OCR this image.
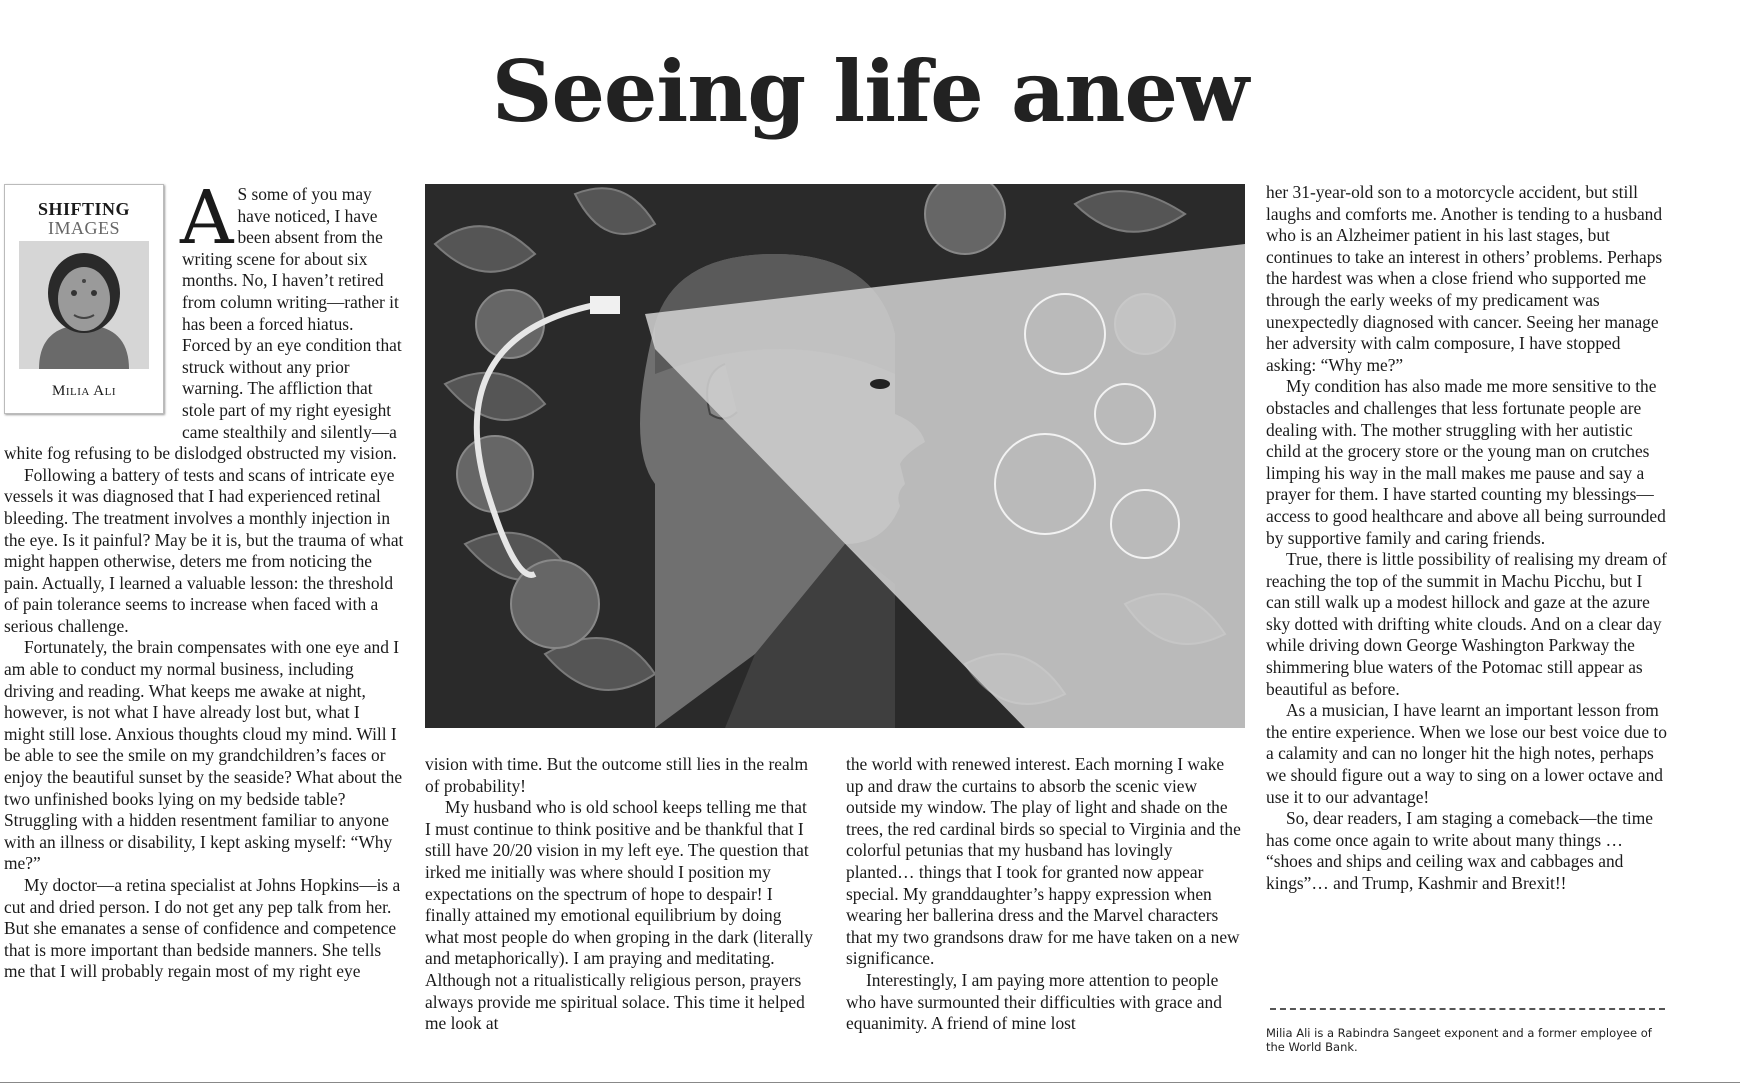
Seeing life anew
SHIFTING
IMAGES
Milia Ali

A S some of you may have noticed, I have been absent from the writing scene for about six months. No, I haven’t retired from column writing—rather it has been a forced hiatus. Forced by an eye condition that struck without any prior warning. The affliction that stole part of my right eyesight came stealthily and silently—a white fog refusing to be dislodged obstructed my vision.

Following a battery of tests and scans of intricate eye vessels it was diagnosed that I had experienced retinal bleeding. The treatment involves a monthly injection in the eye. Is it painful? May be it is, but the trauma of what might happen otherwise, deters me from noticing the pain. Actually, I learned a valuable lesson: the threshold of pain tolerance seems to increase when faced with a serious challenge.

Fortunately, the brain compensates with one eye and I am able to conduct my normal business, including driving and reading. What keeps me awake at night, however, is not what I have already lost but, what I might still lose. Anxious thoughts cloud my mind. Will I be able to see the smile on my grandchildren’s faces or enjoy the beautiful sunset by the seaside? What about the two unfinished books lying on my bedside table? Struggling with a hidden resentment familiar to anyone with an illness or disability, I kept asking myself: “Why me?”

My doctor—a retina specialist at Johns Hopkins—is a cut and dried person. I do not get any pep talk from her. But she emanates a sense of confidence and competence that is more important than bedside manners. She tells me that I will probably regain most of my right eye

vision with time. But the outcome still lies in the realm of probability!

My husband who is old school keeps telling me that I must continue to think positive and be thankful that I still have 20/20 vision in my left eye. The question that irked me initially was where should I position my expectations on the spectrum of hope to despair! I finally attained my emotional equilibrium by doing what most people do when groping in the dark (literally and metaphorically). I am praying and meditating. Although not a ritualistically religious person, prayers always provide me spiritual solace. This time it helped me look at

the world with renewed interest. Each morning I wake up and draw the curtains to absorb the scenic view outside my window. The play of light and shade on the trees, the red cardinal birds so special to Virginia and the colorful petunias that my husband has lovingly planted… things that I took for granted now appear special. My granddaughter’s happy expression when wearing her ballerina dress and the Marvel characters that my two grandsons draw for me have taken on a new significance.

Interestingly, I am paying more attention to people who have surmounted their difficulties with grace and equanimity. A friend of mine lost

her 31-year-old son to a motorcycle accident, but still laughs and comforts me. Another is tending to a husband who is an Alzheimer patient in his last stages, but continues to take an interest in others’ problems. Perhaps the hardest was when a close friend who supported me through the early weeks of my predicament was unexpectedly diagnosed with cancer. Seeing her manage her adversity with calm composure, I have stopped asking: “Why me?”

My condition has also made me more sensitive to the obstacles and challenges that less fortunate people are dealing with. The mother struggling with her autistic child at the grocery store or the young man on crutches limping his way in the mall makes me pause and say a prayer for them. I have started counting my blessings—access to good healthcare and above all being surrounded by supportive family and caring friends.

True, there is little possibility of realising my dream of reaching the top of the summit in Machu Picchu, but I can still walk up a modest hillock and gaze at the azure sky dotted with drifting white clouds. And on a clear day while driving down George Washington Parkway the shimmering blue waters of the Potomac still appear as beautiful as before.

As a musician, I have learnt an important lesson from the entire experience. When we lose our best voice due to a calamity and can no longer hit the high notes, perhaps we should figure out a way to sing on a lower octave and use it to our advantage!

So, dear readers, I am staging a comeback—the time has come once again to write about many things … “shoes and ships and ceiling wax and cabbages and kings”… and Trump, Kashmir and Brexit!!

Milia Ali is a Rabindra Sangeet exponent and a former employee of the World Bank.
